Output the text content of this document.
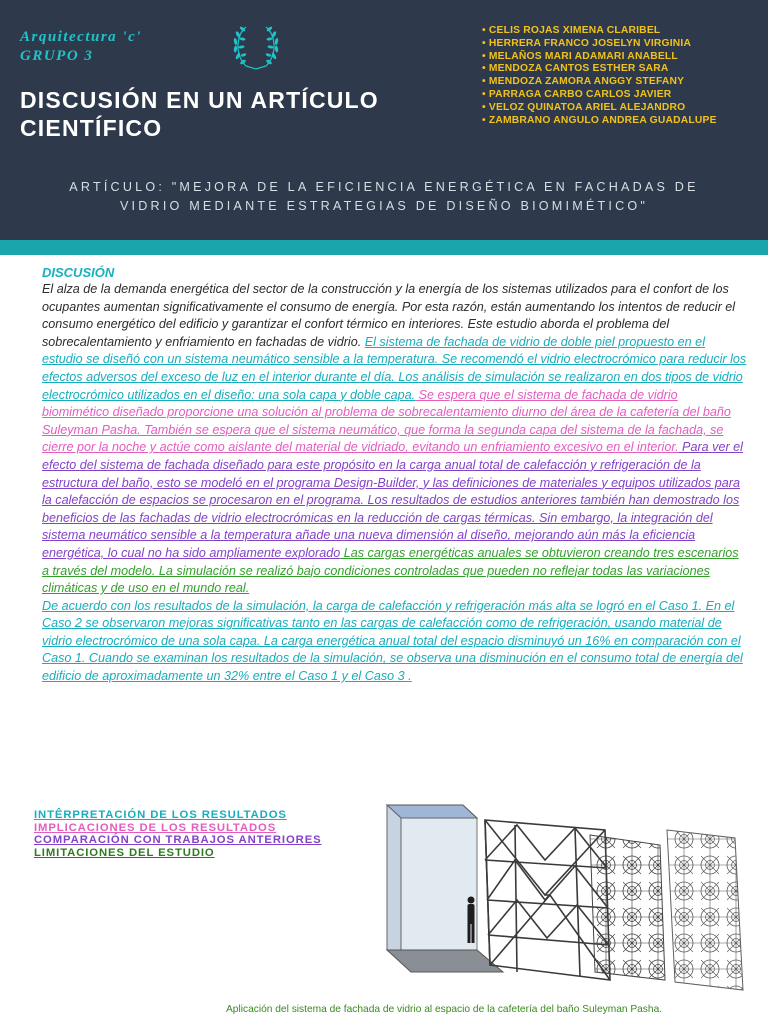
Arquitectura 'c'
GRUPO 3
• CELIS ROJAS XIMENA CLARIBEL
• HERRERA FRANCO JOSELYN VIRGINIA
• MELAÑOS MARI ADAMARI ANABELL
• MENDOZA CANTOS ESTHER SARA
• MENDOZA ZAMORA ANGGY STEFANY
• PARRAGA CARBO CARLOS JAVIER
• VELOZ QUINATOA ARIEL ALEJANDRO
• ZAMBRANO ANGULO ANDREA GUADALUPE
DISCUSIÓN EN UN ARTÍCULO
CIENTÍFICO
ARTÍCULO: "MEJORA DE LA EFICIENCIA ENERGÉTICA EN FACHADAS DE
VIDRIO MEDIANTE ESTRATEGIAS DE DISEÑO BIOMIMÉTICO"
DISCUSIÓN

El alza de la demanda energética del sector de la construcción y la energía de los sistemas utilizados para el confort de los ocupantes aumentan significativamente el consumo de energía. Por esta razón, están aumentando los intentos de reducir el consumo energético del edificio y garantizar el confort térmico en interiores. Este estudio aborda el problema del sobrecalentamiento y enfriamiento en fachadas de vidrio. El sistema de fachada de vidrio de doble piel propuesto en el estudio se diseñó con un sistema neumático sensible a la temperatura. Se recomendó el vidrio electrocrómico para reducir los efectos adversos del exceso de luz en el interior durante el día. Los análisis de simulación se realizaron en dos tipos de vidrio electrocrómico utilizados en el diseño: una sola capa y doble capa. Se espera que el sistema de fachada de vidrio biomimético diseñado proporcione una solución al problema de sobrecalentamiento diurno del área de la cafetería del baño Suleyman Pasha. También se espera que el sistema neumático, que forma la segunda capa del sistema de la fachada, se cierre por la noche y actúe como aislante del material de vidriado, evitando un enfriamiento excesivo en el interior. Para ver el efecto del sistema de fachada diseñado para este propósito en la carga anual total de calefacción y refrigeración de la estructura del baño, esto se modeló en el programa Design-Builder, y las definiciones de materiales y equipos utilizados para la calefacción de espacios se procesaron en el programa. Los resultados de estudios anteriores también han demostrado los beneficios de las fachadas de vidrio electrocrómicas en la reducción de cargas térmicas. Sin embargo, la integración del sistema neumático sensible a la temperatura añade una nueva dimensión al diseño, mejorando aún más la eficiencia energética, lo cual no ha sido ampliamente explorado Las cargas energéticas anuales se obtuvieron creando tres escenarios a través del modelo. La simulación se realizó bajo condiciones controladas que pueden no reflejar todas las variaciones climáticas y de uso en el mundo real.

De acuerdo con los resultados de la simulación, la carga de calefacción y refrigeración más alta se logró en el Caso 1. En el Caso 2 se observaron mejoras significativas tanto en las cargas de calefacción como de refrigeración, usando material de vidrio electrocrómico de una sola capa. La carga energética anual total del espacio disminuyó un 16% en comparación con el Caso 1. Cuando se examinan los resultados de la simulación, se observa una disminución en el consumo total de energía del edificio de aproximadamente un 32% entre el Caso 1 y el Caso 3 .

INTÊRPRETACIÓN DE LOS RESULTADOS
IMPLICACIONES DE LOS RESULTADOS
COMPARACIÓN CON TRABAJOS ANTERIORES
LIMITACIONES DEL ESTUDIO
Aplicación del sistema de fachada de vidrio al espacio de la cafetería del baño Suleyman Pasha.
